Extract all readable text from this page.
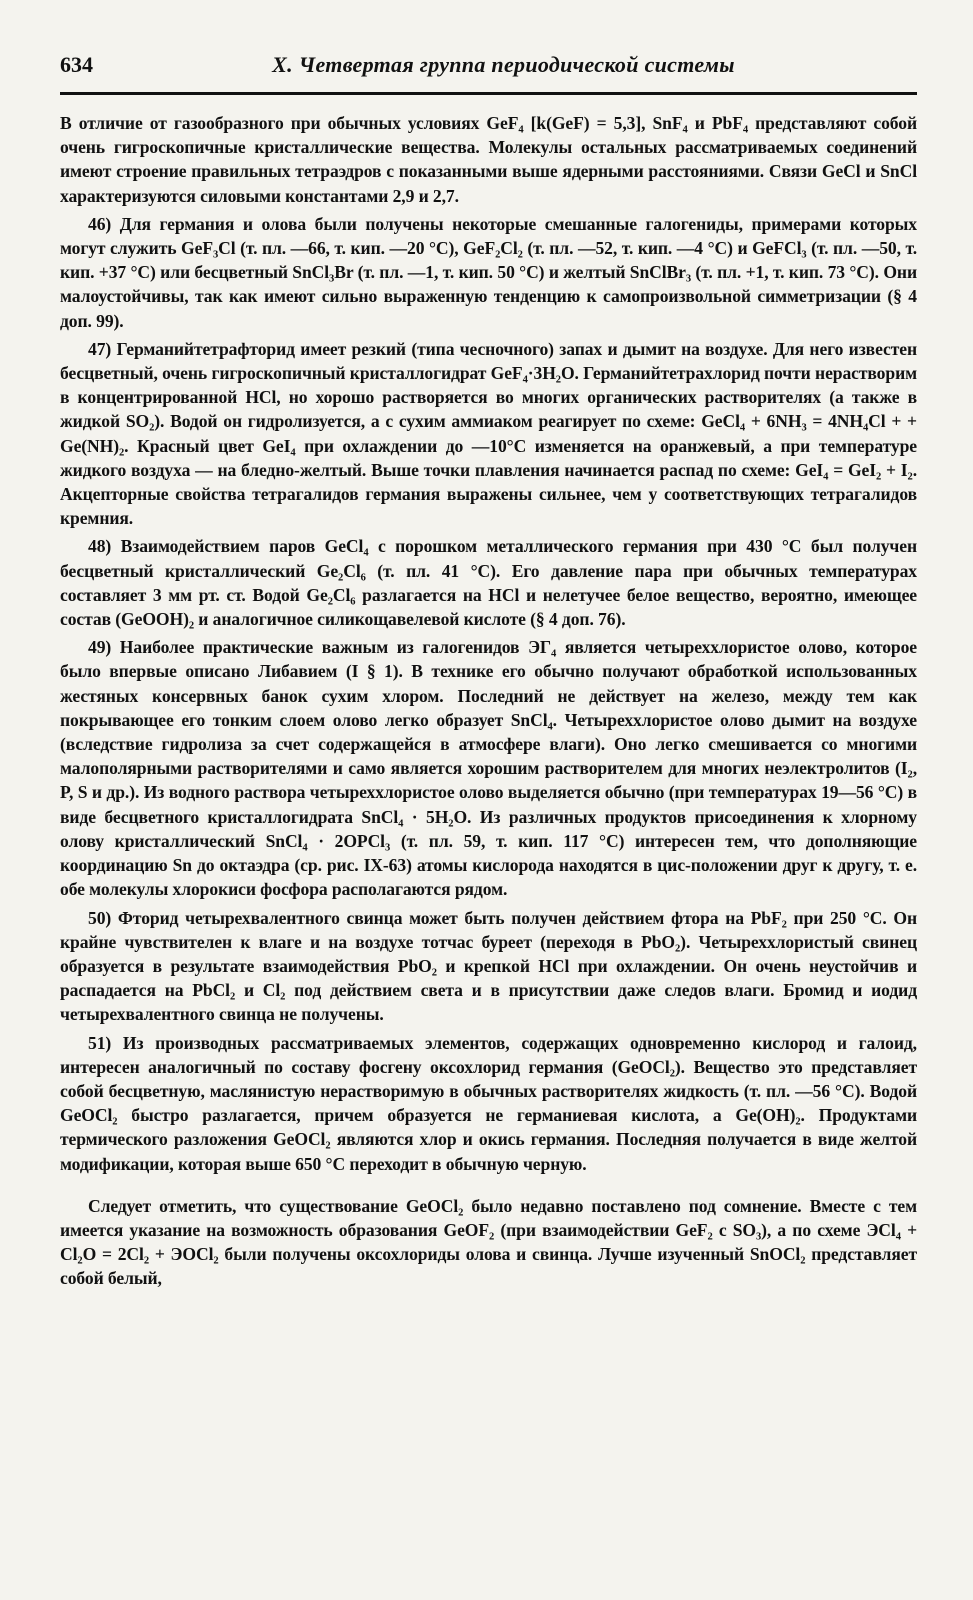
634	X. Четвертая группа периодической системы

В отличие от газообразного при обычных условиях GeF₄ [k(GeF) = 5,3], SnF₄ и PbF₄ представляют собой очень гигроскопичные кристаллические вещества. Молекулы остальных рассматриваемых соединений имеют строение правильных тетраэдров с показанными выше ядерными расстояниями. Связи GeCl и SnCl характеризуются силовыми константами 2,9 и 2,7.

46) Для германия и олова были получены некоторые смешанные галогениды, примерами которых могут служить GeF₃Cl (т. пл. —66, т. кип. —20 °C), GeF₂Cl₂ (т. пл. —52, т. кип. —4 °C) и GeFCl₃ (т. пл. —50, т. кип. +37 °C) или бесцветный SnCl₃Br (т. пл. —1, т. кип. 50 °C) и желтый SnClBr₃ (т. пл. +1, т. кип. 73 °C). Они малоустойчивы, так как имеют сильно выраженную тенденцию к самопроизвольной симметризации (§ 4 доп. 99).

47) Германийтетрафторид имеет резкий (типа чесночного) запах и дымит на воздухе. Для него известен бесцветный, очень гигроскопичный кристаллогидрат GeF₄·3H₂O. Германийтетрахлорид почти нерастворим в концентрированной HCl, но хорошо растворяется во многих органических растворителях (а также в жидкой SO₂). Водой он гидролизуется, а с сухим аммиаком реагирует по схеме: GeCl₄ + 6NH₃ = 4NH₄Cl + + Ge(NH)₂. Красный цвет GeI₄ при охлаждении до —10°C изменяется на оранжевый, а при температуре жидкого воздуха — на бледно-желтый. Выше точки плавления начинается распад по схеме: GeI₄ = GeI₂ + I₂. Акцепторные свойства тетрагалидов германия выражены сильнее, чем у соответствующих тетрагалидов кремния.

48) Взаимодействием паров GeCl₄ с порошком металлического германия при 430 °C был получен бесцветный кристаллический Ge₂Cl₆ (т. пл. 41 °C). Его давление пара при обычных температурах составляет 3 мм рт. ст. Водой Ge₂Cl₆ разлагается на HCl и нелетучее белое вещество, вероятно, имеющее состав (GeOOH)₂ и аналогичное силикощавелевой кислоте (§ 4 доп. 76).

49) Наиболее практические важным из галогенидов ЭГ₄ является четыреххлористое олово, которое было впервые описано Либавием (I § 1). В технике его обычно получают обработкой использованных жестяных консервных банок сухим хлором. Последний не действует на железо, между тем как покрывающее его тонким слоем олово легко образует SnCl₄. Четыреххлористое олово дымит на воздухе (вследствие гидролиза за счет содержащейся в атмосфере влаги). Оно легко смешивается со многими малополярными растворителями и само является хорошим растворителем для многих неэлектролитов (I₂, P, S и др.). Из водного раствора четыреххлористое олово выделяется обычно (при температурах 19—56 °C) в виде бесцветного кристаллогидрата SnCl₄ · 5H₂O. Из различных продуктов присоединения к хлорному олову кристаллический SnCl₄ · 2OPCl₃ (т. пл. 59, т. кип. 117 °C) интересен тем, что дополняющие координацию Sn до октаэдра (ср. рис. IX-63) атомы кислорода находятся в цис-положении друг к другу, т. е. обе молекулы хлорокиси фосфора располагаются рядом.

50) Фторид четырехвалентного свинца может быть получен действием фтора на PbF₂ при 250 °C. Он крайне чувствителен к влаге и на воздухе тотчас буреет (переходя в PbO₂). Четыреххлористый свинец образуется в результате взаимодействия PbO₂ и крепкой HCl при охлаждении. Он очень неустойчив и распадается на PbCl₂ и Cl₂ под действием света и в присутствии даже следов влаги. Бромид и иодид четырехвалентного свинца не получены.

51) Из производных рассматриваемых элементов, содержащих одновременно кислород и галоид, интересен аналогичный по составу фосгену оксохлорид германия (GeOCl₂). Вещество это представляет собой бесцветную, маслянистую нерастворимую в обычных растворителях жидкость (т. пл. —56 °C). Водой GeOCl₂ быстро разлагается, причем образуется не германиевая кислота, а Ge(OH)₂. Продуктами термического разложения GeOCl₂ являются хлор и окись германия. Последняя получается в виде желтой модификации, которая выше 650 °C переходит в обычную черную.

Следует отметить, что существование GeOCl₂ было недавно поставлено под сомнение. Вместе с тем имеется указание на возможность образования GeOF₂ (при взаимодействии GeF₂ с SO₃), а по схеме ЭCl₄ + Cl₂O = 2Cl₂ + ЭOCl₂ были получены оксохлориды олова и свинца. Лучше изученный SnOCl₂ представляет собой белый,
